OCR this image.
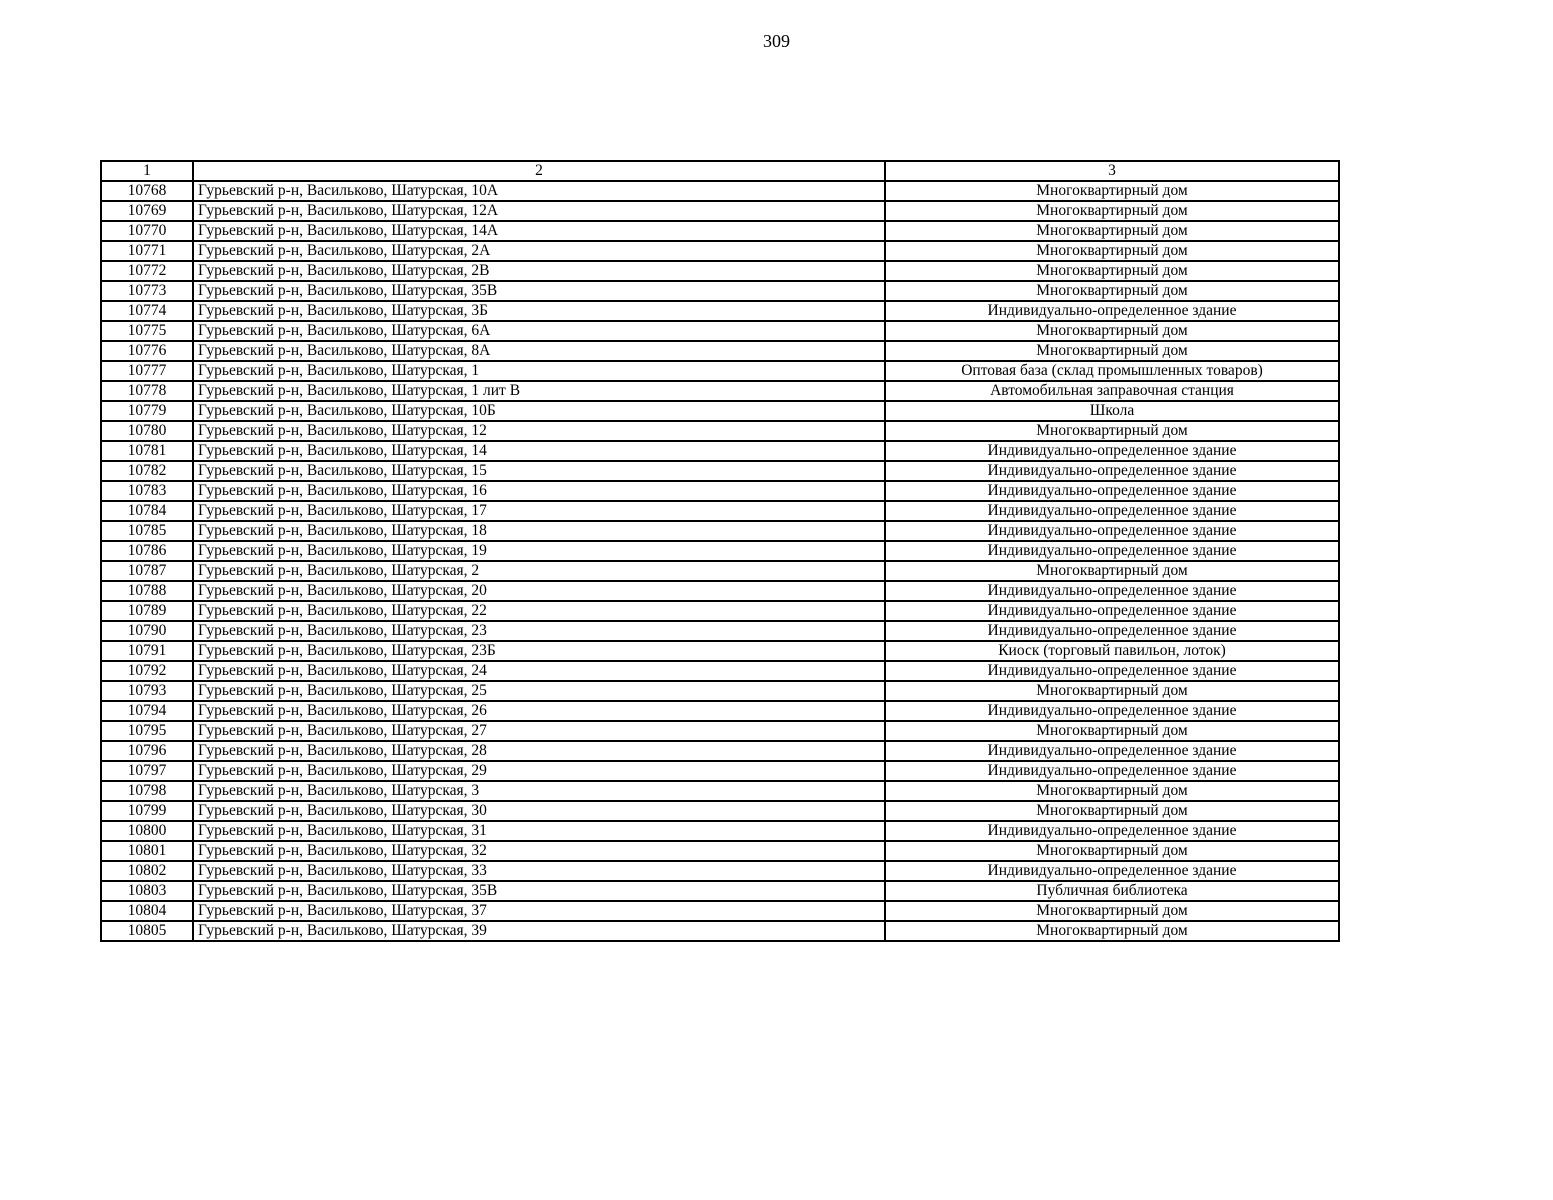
309
1	2	3
10768	Гурьевский р-н, Васильково, Шатурская, 10А	Многоквартирный дом
10769	Гурьевский р-н, Васильково, Шатурская, 12А	Многоквартирный дом
10770	Гурьевский р-н, Васильково, Шатурская, 14А	Многоквартирный дом
10771	Гурьевский р-н, Васильково, Шатурская, 2А	Многоквартирный дом
10772	Гурьевский р-н, Васильково, Шатурская, 2В	Многоквартирный дом
10773	Гурьевский р-н, Васильково, Шатурская, 35В	Многоквартирный дом
10774	Гурьевский р-н, Васильково, Шатурская, 3Б	Индивидуально-определенное здание
10775	Гурьевский р-н, Васильково, Шатурская, 6А	Многоквартирный дом
10776	Гурьевский р-н, Васильково, Шатурская, 8А	Многоквартирный дом
10777	Гурьевский р-н, Васильково, Шатурская, 1	Оптовая база (склад промышленных товаров)
10778	Гурьевский р-н, Васильково, Шатурская, 1 лит В	Автомобильная заправочная станция
10779	Гурьевский р-н, Васильково, Шатурская, 10Б	Школа
10780	Гурьевский р-н, Васильково, Шатурская, 12	Многоквартирный дом
10781	Гурьевский р-н, Васильково, Шатурская, 14	Индивидуально-определенное здание
10782	Гурьевский р-н, Васильково, Шатурская, 15	Индивидуально-определенное здание
10783	Гурьевский р-н, Васильково, Шатурская, 16	Индивидуально-определенное здание
10784	Гурьевский р-н, Васильково, Шатурская, 17	Индивидуально-определенное здание
10785	Гурьевский р-н, Васильково, Шатурская, 18	Индивидуально-определенное здание
10786	Гурьевский р-н, Васильково, Шатурская, 19	Индивидуально-определенное здание
10787	Гурьевский р-н, Васильково, Шатурская, 2	Многоквартирный дом
10788	Гурьевский р-н, Васильково, Шатурская, 20	Индивидуально-определенное здание
10789	Гурьевский р-н, Васильково, Шатурская, 22	Индивидуально-определенное здание
10790	Гурьевский р-н, Васильково, Шатурская, 23	Индивидуально-определенное здание
10791	Гурьевский р-н, Васильково, Шатурская, 23Б	Киоск (торговый павильон, лоток)
10792	Гурьевский р-н, Васильково, Шатурская, 24	Индивидуально-определенное здание
10793	Гурьевский р-н, Васильково, Шатурская, 25	Многоквартирный дом
10794	Гурьевский р-н, Васильково, Шатурская, 26	Индивидуально-определенное здание
10795	Гурьевский р-н, Васильково, Шатурская, 27	Многоквартирный дом
10796	Гурьевский р-н, Васильково, Шатурская, 28	Индивидуально-определенное здание
10797	Гурьевский р-н, Васильково, Шатурская, 29	Индивидуально-определенное здание
10798	Гурьевский р-н, Васильково, Шатурская, 3	Многоквартирный дом
10799	Гурьевский р-н, Васильково, Шатурская, 30	Многоквартирный дом
10800	Гурьевский р-н, Васильково, Шатурская, 31	Индивидуально-определенное здание
10801	Гурьевский р-н, Васильково, Шатурская, 32	Многоквартирный дом
10802	Гурьевский р-н, Васильково, Шатурская, 33	Индивидуально-определенное здание
10803	Гурьевский р-н, Васильково, Шатурская, 35В	Публичная библиотека
10804	Гурьевский р-н, Васильково, Шатурская, 37	Многоквартирный дом
10805	Гурьевский р-н, Васильково, Шатурская, 39	Многоквартирный дом
